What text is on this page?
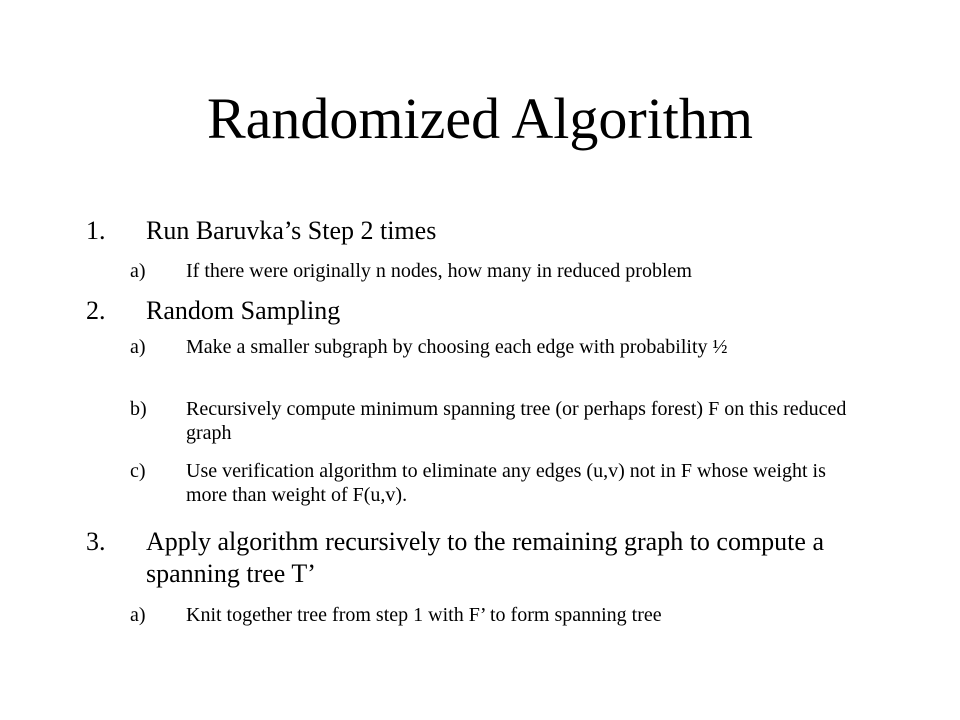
Randomized Algorithm
1. Run Baruvka’s Step 2 times
a) If there were originally n nodes, how many in reduced problem
2. Random Sampling
a) Make a smaller subgraph by choosing each edge with probability ½
b) Recursively compute minimum spanning tree (or perhaps forest) F on this reduced graph
c) Use verification algorithm to eliminate any edges (u,v) not in F whose weight is more than weight of F(u,v).
3. Apply algorithm recursively to the remaining graph to compute a spanning tree T’
a) Knit together tree from step 1 with F’ to form spanning tree
